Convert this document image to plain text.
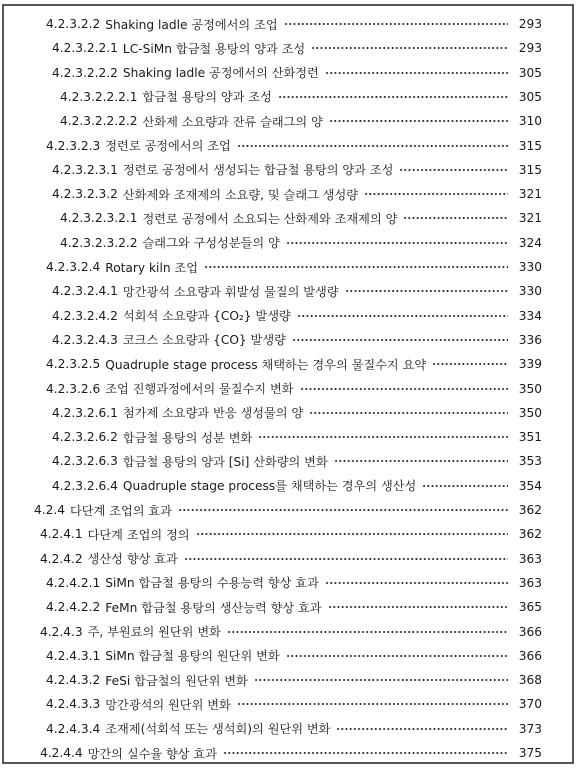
4.2.3.2.2 Shaking ladle 공정에서의 조업	293
4.2.3.2.2.1 LC-SiMn 합금철 용탕의 양과 조성	293
4.2.3.2.2.2 Shaking ladle 공정에서의 산화정련	305
4.2.3.2.2.2.1 합금철 용탕의 양과 조성	305
4.2.3.2.2.2.2 산화제 소요량과 잔류 슬래그의 양	310
4.2.3.2.3 정련로 공정에서의 조업	315
4.2.3.2.3.1 정련로 공정에서 생성되는 합금철 용탕의 양과 조성	315
4.2.3.2.3.2 산화제와 조재제의 소요량, 및 슬래그 생성량	321
4.2.3.2.3.2.1 정련로 공정에서 소요되는 산화제와 조재제의 양	321
4.2.3.2.3.2.2 슬래그와 구성성분들의 양	324
4.2.3.2.4 Rotary kiln 조업	330
4.2.3.2.4.1 망간광석 소요량과 휘발성 물질의 발생량	330
4.2.3.2.4.2 석회석 소요량과 {CO₂} 발생량	334
4.2.3.2.4.3 코크스 소요량과 {CO} 발생량	336
4.2.3.2.5 Quadruple stage process 채택하는 경우의 물질수지 요약	339
4.2.3.2.6 조업 진행과정에서의 물질수지 변화	350
4.2.3.2.6.1 첨가제 소요량과 반응 생성물의 양	350
4.2.3.2.6.2 합금철 용탕의 성분 변화	351
4.2.3.2.6.3 합금철 용탕의 양과 [Si] 산화량의 변화	353
4.2.3.2.6.4 Quadruple stage process를 채택하는 경우의 생산성	354
4.2.4 다단계 조업의 효과	362
4.2.4.1 다단계 조업의 정의	362
4.2.4.2 생산성 향상 효과	363
4.2.4.2.1 SiMn 합금철 용탕의 수용능력 향상 효과	363
4.2.4.2.2 FeMn 합금철 용탕의 생산능력 향상 효과	365
4.2.4.3 주, 부원료의 원단위 변화	366
4.2.4.3.1 SiMn 합금철 용탕의 원단위 변화	366
4.2.4.3.2 FeSi 합금철의 원단위 변화	368
4.2.4.3.3 망간광석의 원단위 변화	370
4.2.4.3.4 조재제(석회석 또는 생석회)의 원단위 변화	373
4.2.4.4 망간의 실수율 향상 효과	375
